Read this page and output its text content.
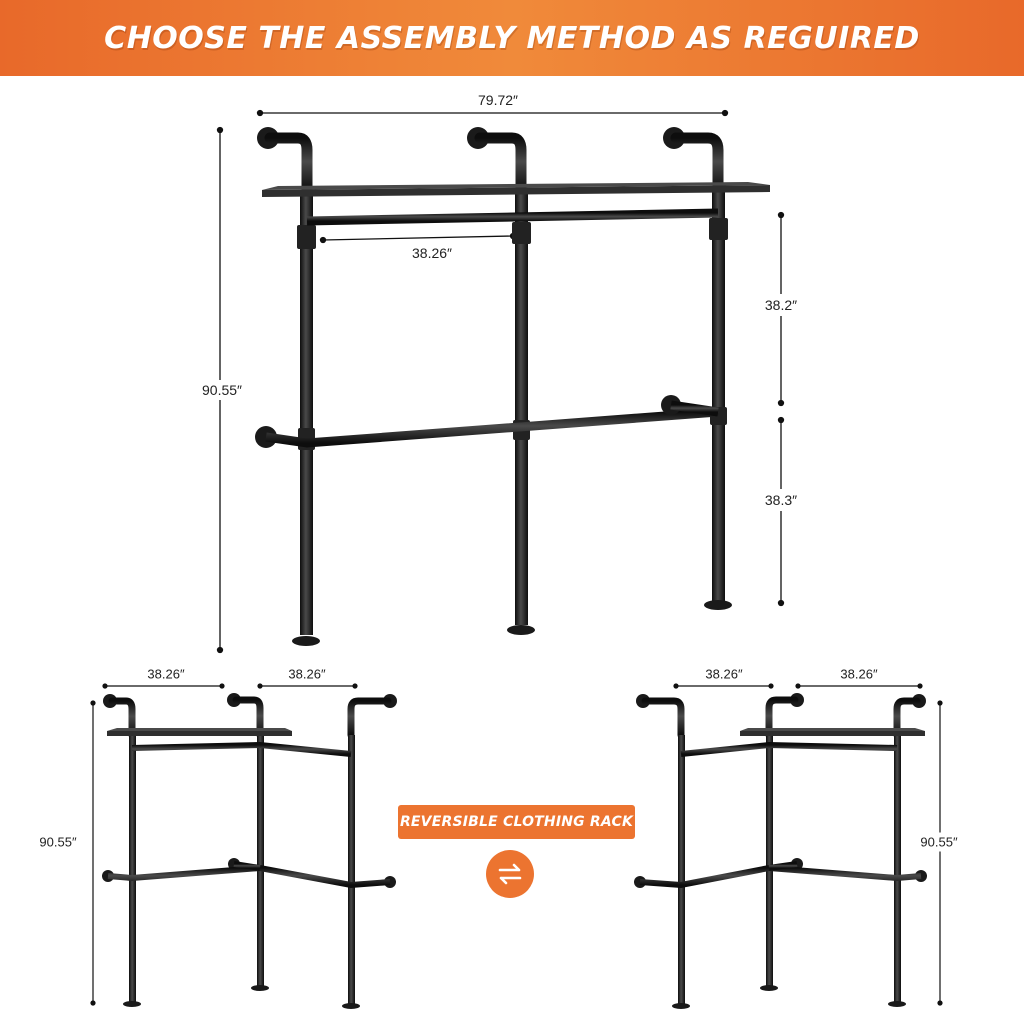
CHOOSE THE ASSEMBLY METHOD AS REGUIRED
79.72″
90.55″
38.26″
38.2″
38.3″
38.26″	38.26″
90.55″
38.26″	38.26″
90.55″
REVERSIBLE CLOTHING RACK
